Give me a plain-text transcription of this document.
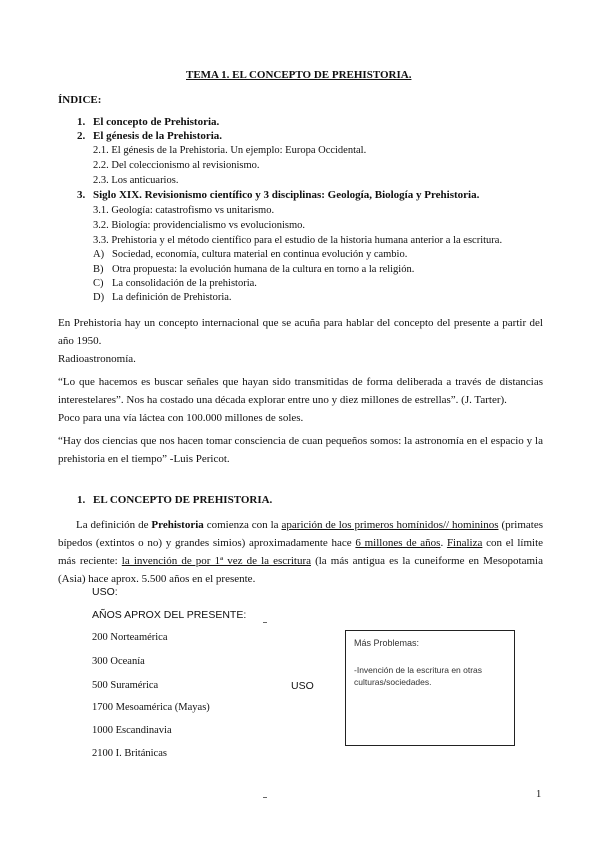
TEMA 1. EL CONCEPTO DE PREHISTORIA.
ÍNDICE:
1. El concepto de Prehistoria.
2. El génesis de la Prehistoria.
2.1. El génesis de la Prehistoria. Un ejemplo: Europa Occidental.
2.2. Del coleccionismo al revisionismo.
2.3. Los anticuarios.
3. Siglo XIX. Revisionismo científico y 3 disciplinas: Geología, Biología y Prehistoria.
3.1. Geología: catastrofismo vs unitarismo.
3.2. Biología: providencialismo vs evolucionismo.
3.3. Prehistoria y el método científico para el estudio de la historia humana anterior a la escritura.
A) Sociedad, economía, cultura material en continua evolución y cambio.
B) Otra propuesta: la evolución humana de la cultura en torno a la religión.
C) La consolidación de la prehistoria.
D) La definición de Prehistoria.
En Prehistoria hay un concepto internacional que se acuña para hablar del concepto del presente a partir del año 1950.
Radioastronomía.
“Lo que hacemos es buscar señales que hayan sido transmitidas de forma deliberada a través de distancias interestelares”. Nos ha costado una década explorar entre uno y diez millones de estrellas”. (J. Tarter).
Poco para una vía láctea con 100.000 millones de soles.
“Hay dos ciencias que nos hacen tomar consciencia de cuan pequeños somos: la astronomía en el espacio y la prehistoria en el tiempo” -Luis Pericot.
1. EL CONCEPTO DE PREHISTORIA.
La definición de Prehistoria comienza con la aparición de los primeros homínidos// homininos (primates bípedos (extintos o no) y grandes simios) aproximadamente hace 6 millones de años. Finaliza con el límite más reciente: la invención de por 1ª vez de la escritura (la más antigua es la cuneiforme en Mesopotamia (Asia) hace aprox. 5.500 años en el presente.
USO:
AÑOS APROX DEL PRESENTE:
200 Norteamérica
300 Oceanía
500 Suramérica	USO
1700 Mesoamérica (Mayas)
1000 Escandinavia
2100 I. Británicas
Más Problemas:
-Invención de la escritura en otras
culturas/sociedades.
1
